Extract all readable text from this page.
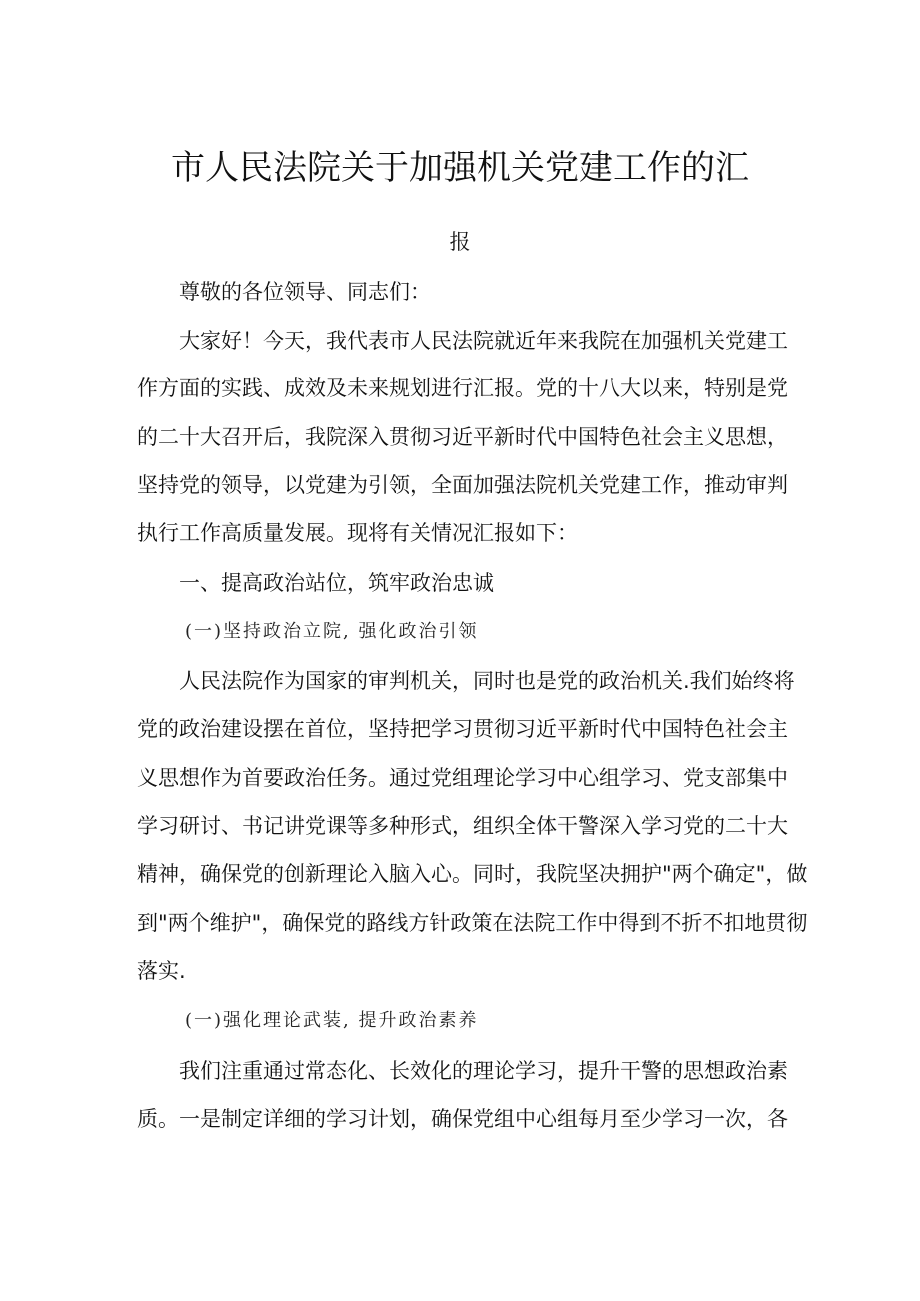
市人民法院关于加强机关党建工作的汇
报
尊敬的各位领导、同志们：
大家好！今天，我代表市人民法院就近年来我院在加强机关党建工
作方面的实践、成效及未来规划进行汇报。党的十八大以来，特别是党
的二十大召开后，我院深入贯彻习近平新时代中国特色社会主义思想，
坚持党的领导，以党建为引领，全面加强法院机关党建工作，推动审判
执行工作高质量发展。现将有关情况汇报如下：
一、提高政治站位，筑牢政治忠诚
(一)坚持政治立院, 强化政治引领
人民法院作为国家的审判机关，同时也是党的政治机关.我们始终将
党的政治建设摆在首位，坚持把学习贯彻习近平新时代中国特色社会主
义思想作为首要政治任务。通过党组理论学习中心组学习、党支部集中
学习研讨、书记讲党课等多种形式，组织全体干警深入学习党的二十大
精神，确保党的创新理论入脑入心。同时，我院坚决拥护"两个确定"，做
到"两个维护"，确保党的路线方针政策在法院工作中得到不折不扣地贯彻
落实.
(一)强化理论武装, 提升政治素养
我们注重通过常态化、长效化的理论学习，提升干警的思想政治素
质。一是制定详细的学习计划，确保党组中心组每月至少学习一次，各
